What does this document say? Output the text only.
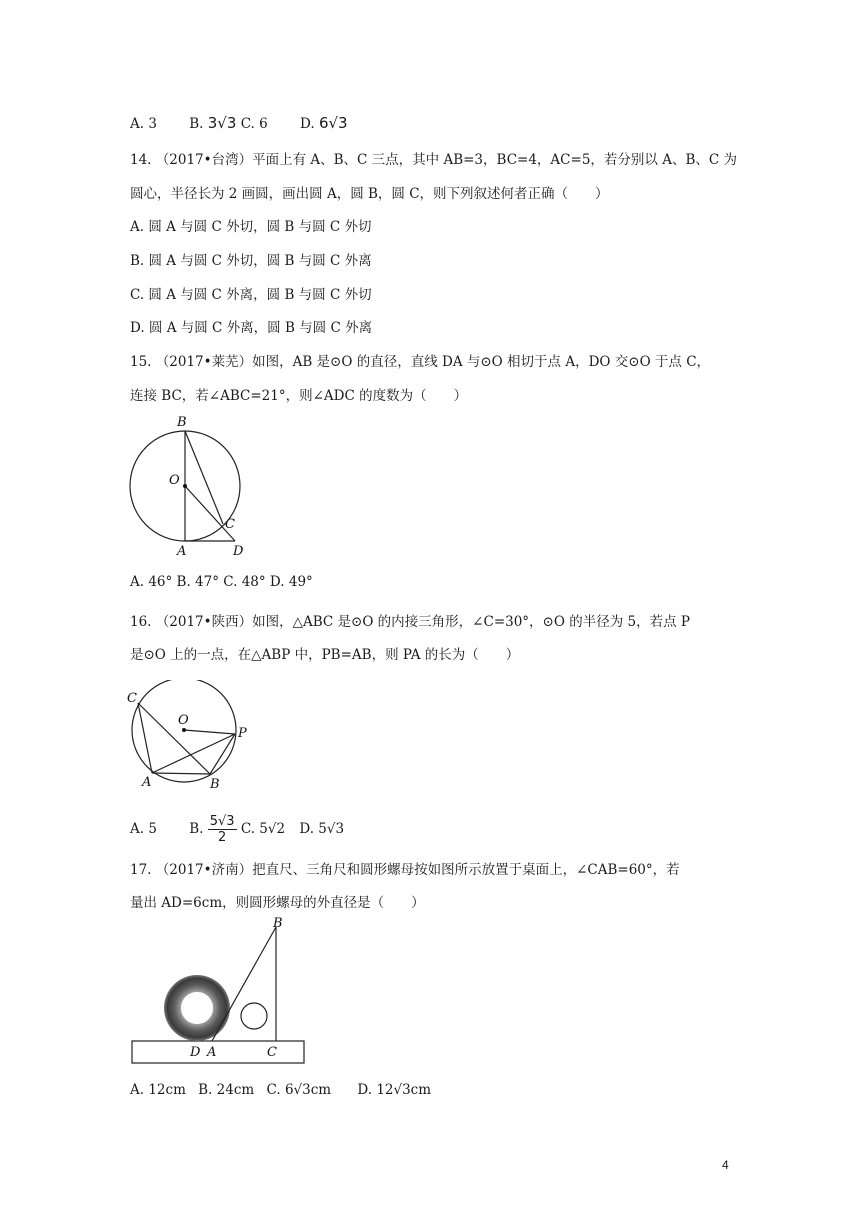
A. 3 B. 3√3 C. 6 D. 6√3
14. （2017•台湾）平面上有 A、B、C 三点，其中 AB=3，BC=4，AC=5，若分别以 A、B、C 为
圆心，半径长为 2 画圆，画出圆 A，圆 B，圆 C，则下列叙述何者正确（　　）
A. 圆 A 与圆 C 外切，圆 B 与圆 C 外切
B. 圆 A 与圆 C 外切，圆 B 与圆 C 外离
C. 圆 A 与圆 C 外离，圆 B 与圆 C 外切
D. 圆 A 与圆 C 外离，圆 B 与圆 C 外离
15. （2017•莱芜）如图，AB 是⊙O 的直径，直线 DA 与⊙O 相切于点 A，DO 交⊙O 于点 C，
连接 BC，若∠ABC=21°，则∠ADC 的度数为（　　）
B
O
C
A	D
A. 46° B. 47° C. 48° D. 49°
16. （2017•陕西）如图，△ABC 是⊙O 的内接三角形，∠C=30°，⊙O 的半径为 5，若点 P
是⊙O 上的一点，在△ABP 中，PB=AB，则 PA 的长为（　　）
C
O
P
A	B
A. 5 B. $\frac{5√3}{2} C$. 5√2 D. 5√3
17. （2017•济南）把直尺、三角尺和圆形螺母按如图所示放置于桌面上，∠CAB=60°，若
量出 AD=6cm，则圆形螺母的外直径是（　　）
B
D A	C
A. 12cm B. 24cm C. 6√3cm D. 12√3cm
4
